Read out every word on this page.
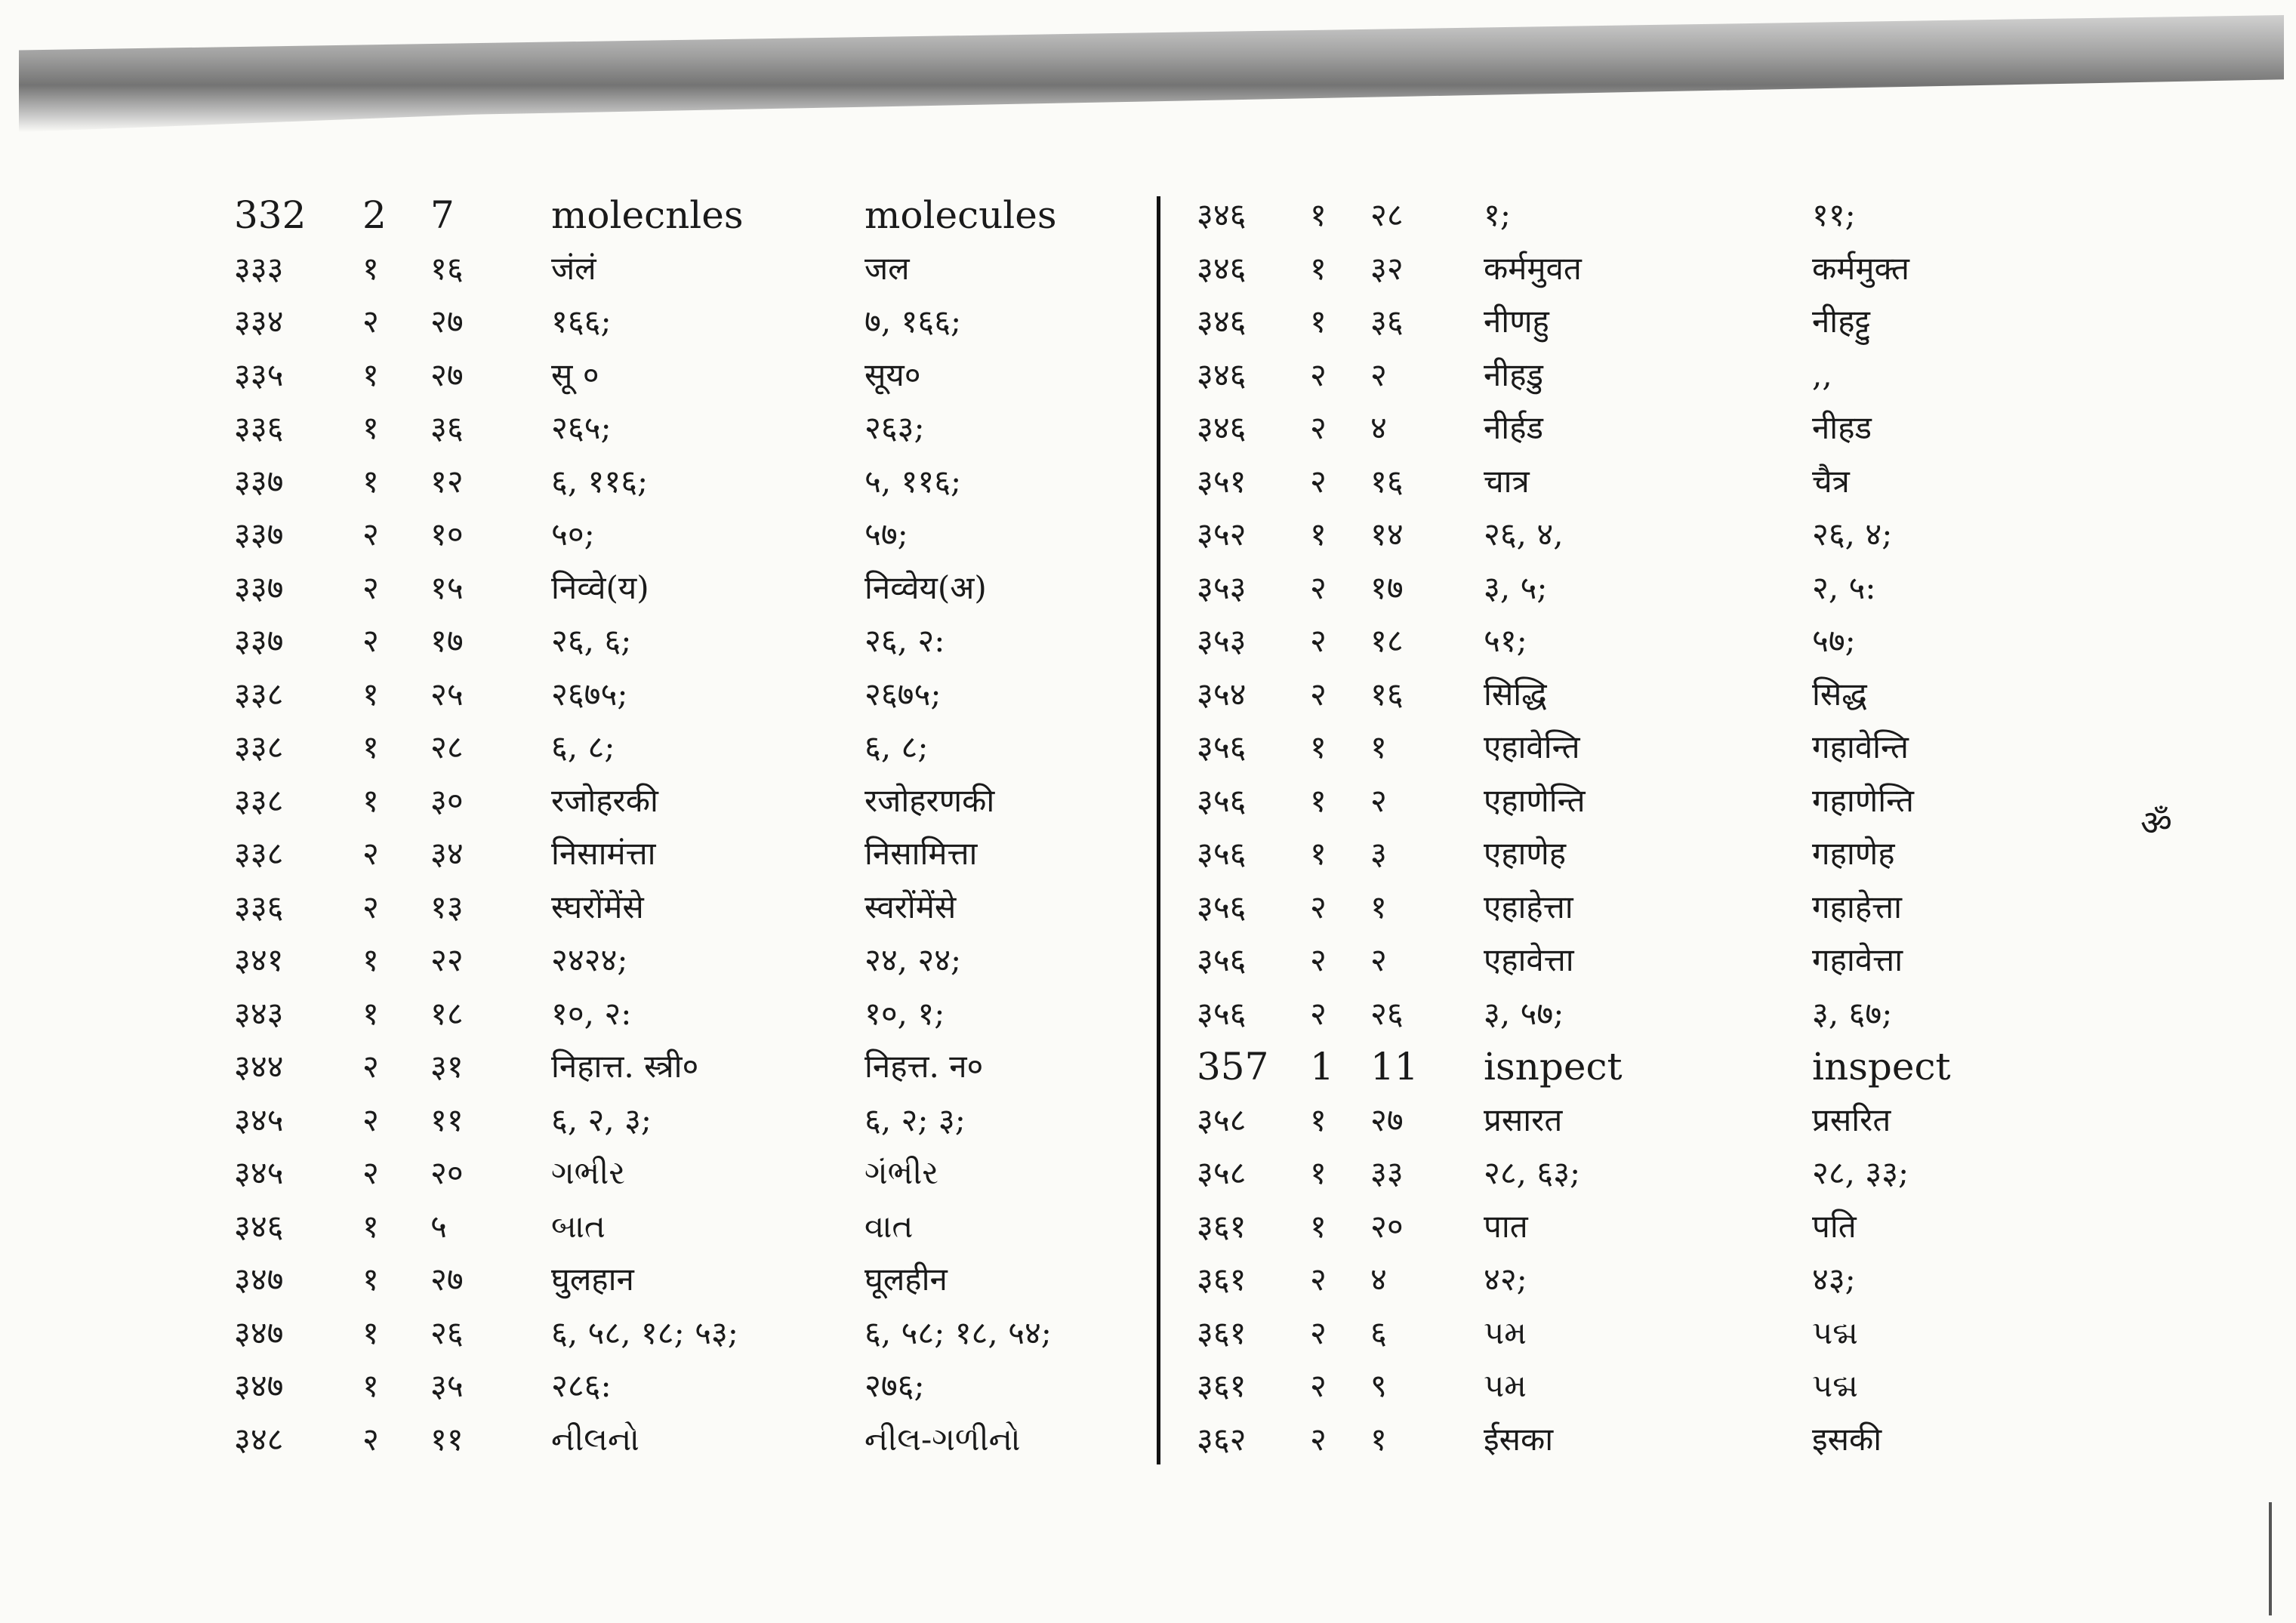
332 2 7	molecnles	molecules
३३३ १ १६	जंलं	जल
३३४ २ २७	१६६;	७, १६६;
३३५ १ २७	सू ०	सूय०
३३६ १ ३६	२६५;	२६३;
३३७ १ १२	६, ११६;	५, ११६;
३३७ २ १०	५०;	५७;
३३७ २ १५	निव्वे(य)	निव्वेय(अ)
३३७ २ १७	२६, ६;	२६, २:
३३८ १ २५	२६७५;	२६७५;
३३८ १ २८	६, ८;	६, ८;
३३८ १ ३०	रजोहरकी	रजोहरणकी
३३८ २ ३४	निसामंत्ता	निसामित्ता
३३६ २ १३	स्घरोंमेंसे	स्वरोंमेंसे
३४१ १ २२	२४२४;	२४, २४;
३४३ १ १८	१०, २:	१०, १;
३४४ २ ३१	निहात्त. स्त्री०	निहत्त. न०
३४५ २ ११	६, २, ३;	६, २; ३;
३४५ २ २०	ગભીર	ગંભીર
३४६ १ ५	બાત	વાત
३४७ १ २७	घुलहान	घूलहीन
३४७ १ २६	६, ५८, १८; ५३;	६, ५८; १८, ५४;
३४७ १ ३५	२८६:	२७६;
३४८ २ ११	નીલનો	નીલ-ગળીનો
३४६ १ २८	१;	११;
३४६ १ ३२	कर्ममुवत	कर्ममुक्त
३४६ १ ३६	नीणहु	नीहट्टु
३४६ २ २	नीहडु	,,
३४६ २ ४	नीर्हड	नीहड
३५१ २ १६	चात्र	चैत्र
३५२ १ १४	२६, ४,	२६, ४;
३५३ २ १७	३, ५;	२, ५:
३५३ २ १८	५१;	५७;
३५४ २ १६	सिद्धि	सिद्ध
३५६ १ १	एहावेन्ति	गहावेन्ति
३५६ १ २	एहाणेन्ति	गहाणेन्ति
३५६ १ ३	एहाणेह	गहाणेह
३५६ २ १	एहाहेत्ता	गहाहेत्ता
३५६ २ २	एहावेत्ता	गहावेत्ता
३५६ २ २६	३, ५७;	३, ६७;
357 1 11 isnpect	inspect
३५८ १ २७	प्रसारत	प्रसरित
३५८ १ ३३	२८, ६३;	२८, ३३;
३६१ १ २०	पात	पति
३६१ २ ४	४२;	४३;
३६१ २ ६	પમ	પદ્મ
३६१ २ ९	પમ	પદ્મ
३६२ २ १	ईसका	इसकी
ॐ
